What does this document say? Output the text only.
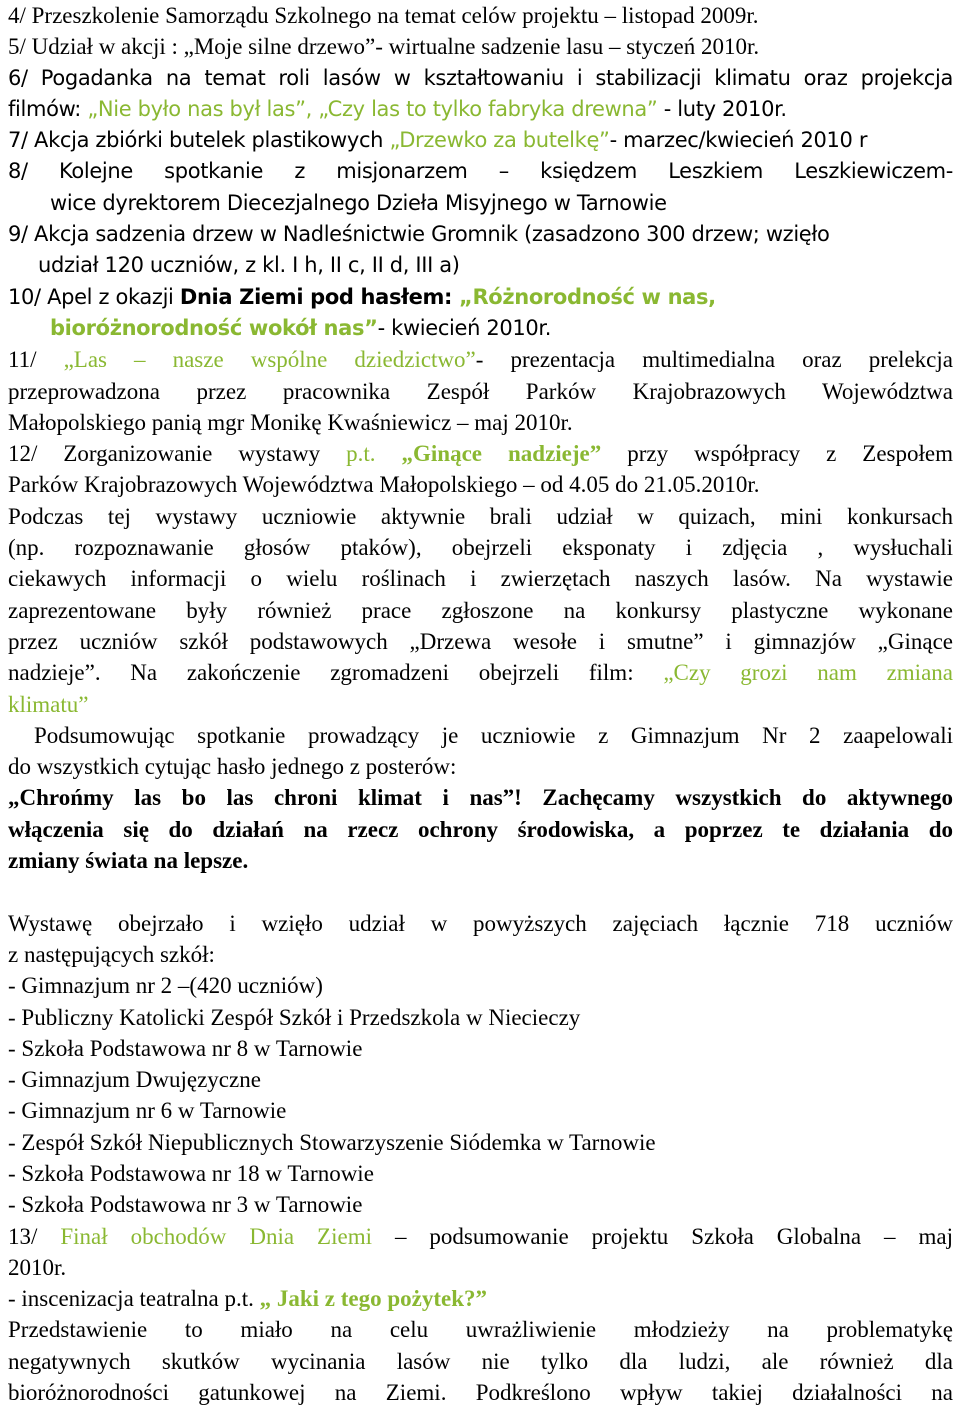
4/ Przeszkolenie Samorządu Szkolnego na temat celów projektu – listopad 2009r.
5/ Udział w akcji : „Moje silne drzewo”- wirtualne sadzenie lasu – styczeń 2010r.
6/ Pogadanka na temat roli lasów w kształtowaniu i stabilizacji klimatu oraz projekcja
filmów: „Nie było nas był las”, „Czy las to tylko fabryka drewna” - luty 2010r.
7/ Akcja zbiórki butelek plastikowych „Drzewko za butelkę”- marzec/kwiecień 2010 r
8/ Kolejne spotkanie z misjonarzem – księdzem Leszkiem Leszkiewiczem-
wice dyrektorem Diecezjalnego Dzieła Misyjnego w Tarnowie
9/ Akcja sadzenia drzew w Nadleśnictwie Gromnik (zasadzono 300 drzew; wzięło
udział 120 uczniów, z kl. I h, II c, II d, III a)
10/ Apel z okazji Dnia Ziemi pod hasłem: „Różnorodność w nas,
bioróżnorodność wokół nas”- kwiecień 2010r.
11/ „Las – nasze wspólne dziedzictwo”- prezentacja multimedialna oraz prelekcja
przeprowadzona przez pracownika Zespół Parków Krajobrazowych Województwa
Małopolskiego panią mgr Monikę Kwaśniewicz – maj 2010r.
12/ Zorganizowanie wystawy p.t. „Ginące nadzieje” przy współpracy z Zespołem
Parków Krajobrazowych Województwa Małopolskiego – od 4.05 do 21.05.2010r.
Podczas tej wystawy uczniowie aktywnie brali udział w quizach, mini konkursach
(np. rozpoznawanie głosów ptaków), obejrzeli eksponaty i zdjęcia , wysłuchali
ciekawych informacji o wielu roślinach i zwierzętach naszych lasów. Na wystawie
zaprezentowane były również prace zgłoszone na konkursy plastyczne wykonane
przez uczniów szkół podstawowych „Drzewa wesołe i smutne” i gimnazjów „Ginące
nadzieje”. Na zakończenie zgromadzeni obejrzeli film: „Czy grozi nam zmiana
klimatu”
Podsumowując spotkanie prowadzący je uczniowie z Gimnazjum Nr 2 zaapelowali
do wszystkich cytując hasło jednego z posterów:
„Chrońmy las bo las chroni klimat i nas”! Zachęcamy wszystkich do aktywnego
włączenia się do działań na rzecz ochrony środowiska, a poprzez te działania do
zmiany świata na lepsze.
Wystawę obejrzało i wzięło udział w powyższych zajęciach łącznie 718 uczniów
z następujących szkół:
- Gimnazjum nr 2 –(420 uczniów)
- Publiczny Katolicki Zespół Szkół i Przedszkola w Niecieczy
- Szkoła Podstawowa nr 8 w Tarnowie
- Gimnazjum Dwujęzyczne
- Gimnazjum nr 6 w Tarnowie
- Zespół Szkół Niepublicznych Stowarzyszenie Siódemka w Tarnowie
- Szkoła Podstawowa nr 18 w Tarnowie
- Szkoła Podstawowa nr 3 w Tarnowie
13/ Finał obchodów Dnia Ziemi – podsumowanie projektu Szkoła Globalna – maj
2010r.
- inscenizacja teatralna p.t. „ Jaki z tego pożytek?”
Przedstawienie to miało na celu uwrażliwienie młodzieży na problematykę
negatywnych skutków wycinania lasów nie tylko dla ludzi, ale również dla
bioróżnorodności gatunkowej na Ziemi. Podkreślono wpływ takiej działalności na
